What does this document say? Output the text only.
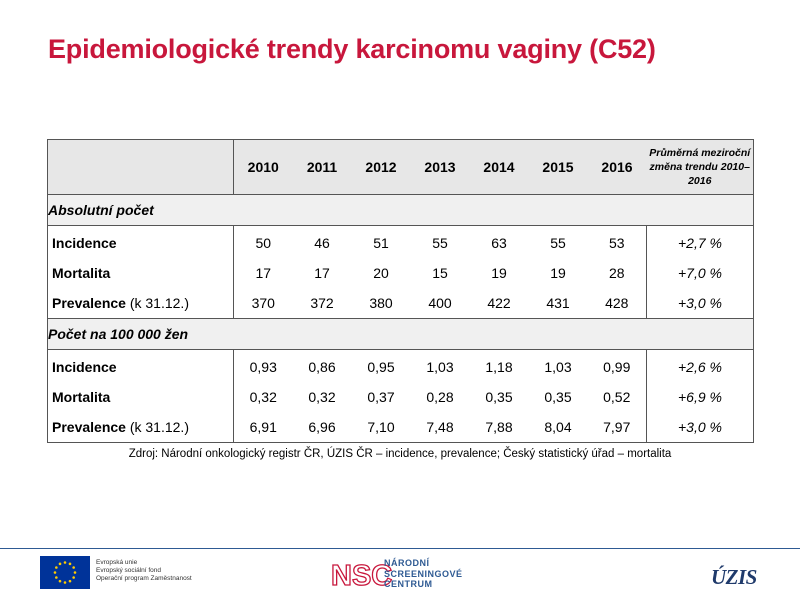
Epidemiologické trendy karcinomu vaginy (C52)
	2010	2011	2012	2013	2014	2015	2016	Průměrná meziroční změna trendu 2010–2016
Absolutní počet								
Incidence	50	46	51	55	63	55	53	+2,7 %
Mortalita	17	17	20	15	19	19	28	+7,0 %
Prevalence (k 31.12.)	370	372	380	400	422	431	428	+3,0 %
Počet na 100 000 žen								
Incidence	0,93	0,86	0,95	1,03	1,18	1,03	0,99	+2,6 %
Mortalita	0,32	0,32	0,37	0,28	0,35	0,35	0,52	+6,9 %
Prevalence (k 31.12.)	6,91	6,96	7,10	7,48	7,88	8,04	7,97	+3,0 %
Zdroj: Národní onkologický registr ČR, ÚZIS ČR – incidence, prevalence; Český statistický úřad – mortalita
Evropská unie
Evropský sociální fond
Operační program Zaměstnanost	NSC
NÁRODNÍ
SCREENINGOVÉ
CENTRUM	ÚZIS
